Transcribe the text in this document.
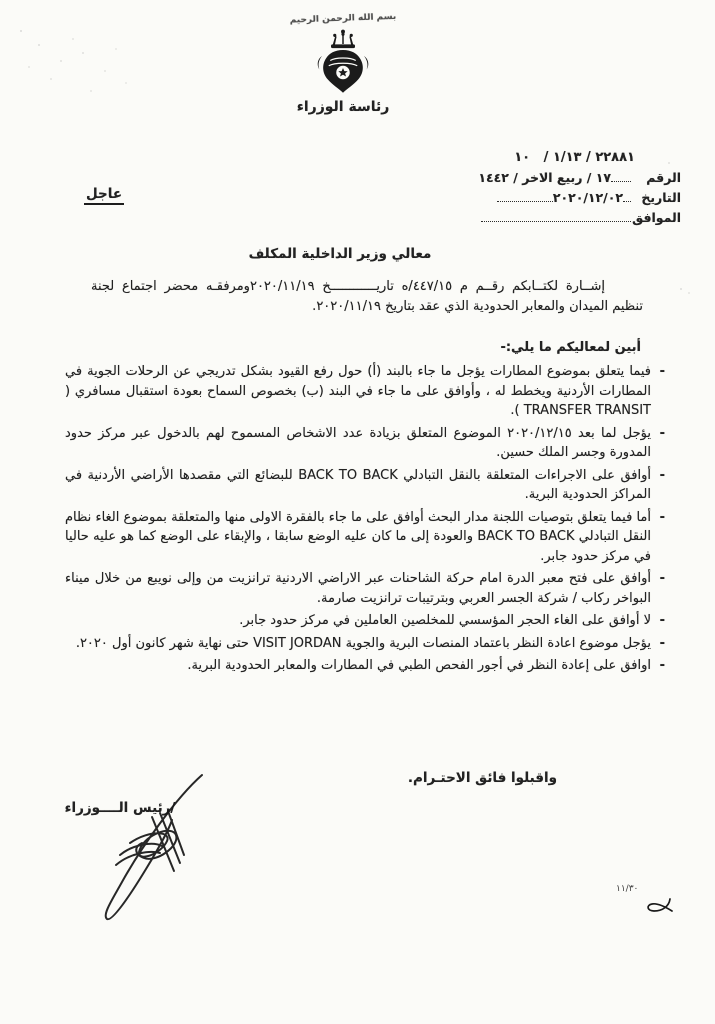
بسم الله الرحمن الرحيم
رئاسة الوزراء
٢٢٨٨١ / ١/١٣ /   ١٠
الرقم
١٧ / ربيع الاخر / ١٤٤٢
التاريخ
٢٠٢٠/١٢/٠٢
الموافق
عاجل
معالي وزير الداخلية المكلف
إشــارة لكتــابكم رقــم م ٤٤٧/١٥/ه تاريــــــــــــخ ٢٠٢٠/١١/١٩ومرفقـه محضر اجتماع لجنة تنظيم الميدان والمعابر الحدودية الذي عقد بتاريخ ٢٠٢٠/١١/١٩.
أبين لمعاليكم ما يلي:-
-
فيما يتعلق بموضوع المطارات يؤجل ما جاء بالبند (أ) حول رفع القيود بشكل تدريجي عن الرحلات الجوية في المطارات الأردنية ويخطط له ، وأوافق على ما جاء في البند (ب) بخصوص السماح بعودة استقبال مسافري ( TRANSFER TRANSIT ).
-
يؤجل لما بعد ٢٠٢٠/١٢/١٥ الموضوع المتعلق بزيادة عدد الاشخاص المسموح لهم بالدخول عبر مركز حدود المدورة وجسر الملك حسين.
-
أوافق على الاجراءات المتعلقة بالنقل التبادلي BACK TO BACK للبضائع التي مقصدها الأراضي الأردنية في المراكز الحدودية البرية.
-
أما فيما يتعلق بتوصيات اللجنة مدار البحث أوافق على ما جاء بالفقرة الاولى منها والمتعلقة بموضوع الغاء نظام النقل التبادلي BACK TO BACK والعودة إلى ما كان عليه الوضع سابقا ، والإبقاء على الوضع كما هو عليه حاليا في مركز حدود جابر.
-
أوافق على فتح معبر الدرة امام حركة الشاحنات عبر الاراضي الاردنية ترانزيت من وإلى نويبع من خلال ميناء البواخر ركاب / شركة الجسر العربي وبترتيبات ترانزيت صارمة.
-
لا أوافق على الغاء الحجر المؤسسي للمخلصين العاملين في مركز حدود جابر.
-
يؤجل موضوع اعادة النظر باعتماد المنصات البرية والجوية VISIT JORDAN حتى نهاية شهر كانون أول ٢٠٢٠.
-
اوافق على إعادة النظر في أجور الفحص الطبي في المطارات والمعابر الحدودية البرية.
واقبلوا فائق الاحتـرام.
/رئيس الــــوزراء
١١/٣٠
